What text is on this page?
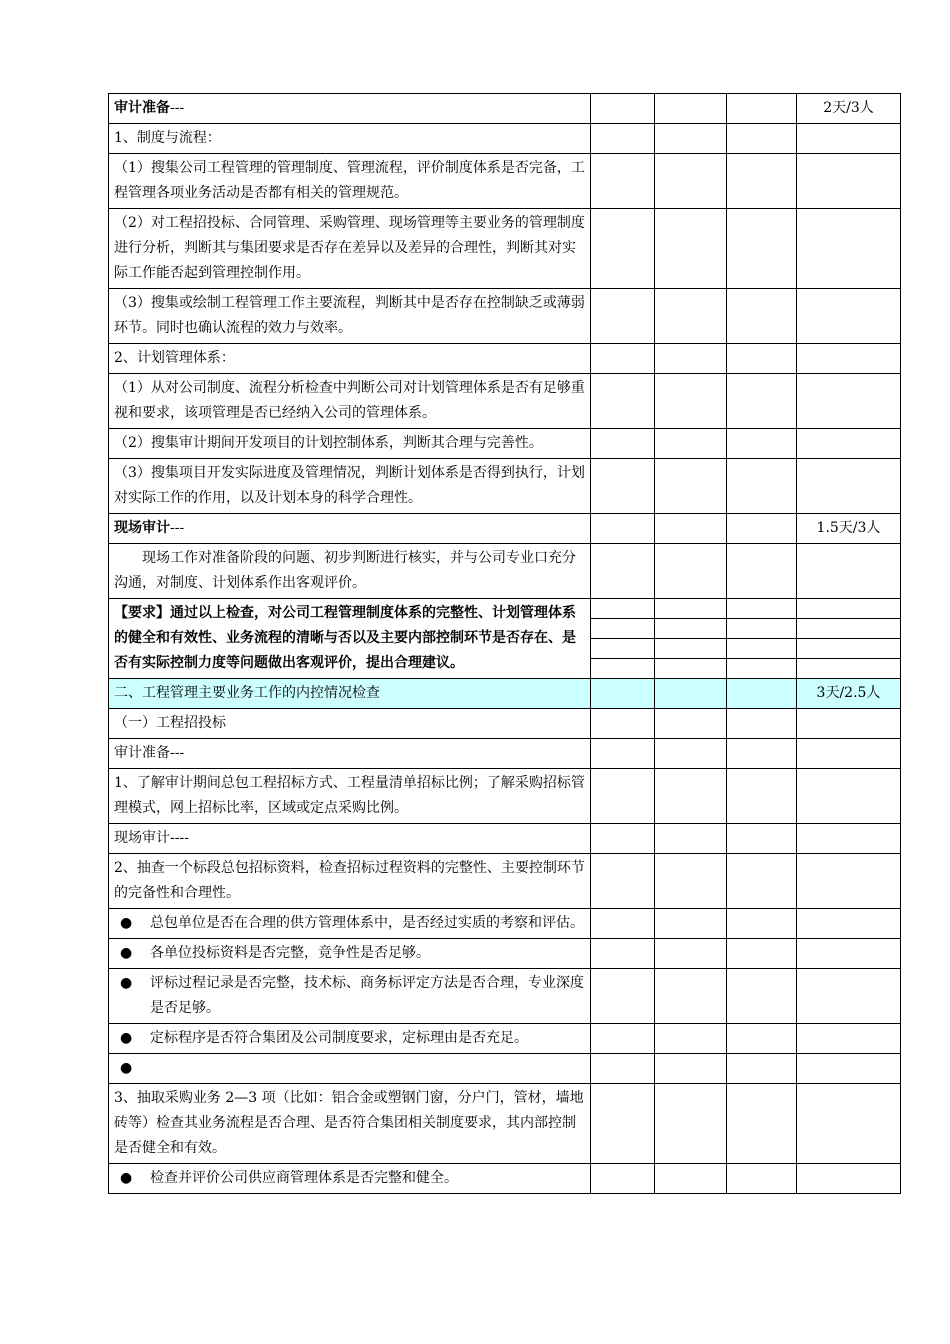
审计准备---				2天/3人
1、制度与流程：				
（1）搜集公司工程管理的管理制度、管理流程，评价制度体系是否完备，工程管理各项业务活动是否都有相关的管理规范。				
（2）对工程招投标、合同管理、采购管理、现场管理等主要业务的管理制度进行分析，判断其与集团要求是否存在差异以及差异的合理性，判断其对实际工作能否起到管理控制作用。				
（3）搜集或绘制工程管理工作主要流程，判断其中是否存在控制缺乏或薄弱环节。同时也确认流程的效力与效率。				
2、计划管理体系：				
（1）从对公司制度、流程分析检查中判断公司对计划管理体系是否有足够重视和要求，该项管理是否已经纳入公司的管理体系。				
（2）搜集审计期间开发项目的计划控制体系，判断其合理与完善性。				
（3）搜集项目开发实际进度及管理情况，判断计划体系是否得到执行，计划对实际工作的作用，以及计划本身的科学合理性。				
现场审计---				1.5天/3人
现场工作对准备阶段的问题、初步判断进行核实，并与公司专业口充分沟通，对制度、计划体系作出客观评价。				
【要求】通过以上检查，对公司工程管理制度体系的完整性、计划管理体系的健全和有效性、业务流程的清晰与否以及主要内部控制环节是否存在、是否有实际控制力度等问题做出客观评价，提出合理建议。				

二、工程管理主要业务工作的内控情况检查				3天/2.5人
（一）工程招投标				
审计准备---				
1、了解审计期间总包工程招标方式、工程量清单招标比例；了解采购招标管理模式，网上招标比率，区域或定点采购比例。				
现场审计----				
2、抽查一个标段总包招标资料，检查招标过程资料的完整性、主要控制环节的完备性和合理性。				

● 总包单位是否在合理的供方管理体系中，是否经过实质的考察和评估。				

● 各单位投标资料是否完整，竞争性是否足够。				

● 评标过程记录是否完整，技术标、商务标评定方法是否合理，专业深度是否足够。				

● 定标程序是否符合集团及公司制度要求，定标理由是否充足。				

●				

3、抽取采购业务 2—3 项（比如：铝合金或塑钢门窗，分户门，管材，墙地砖等）检查其业务流程是否合理、是否符合集团相关制度要求，其内部控制是否健全和有效。				

● 检查并评价公司供应商管理体系是否完整和健全。				
